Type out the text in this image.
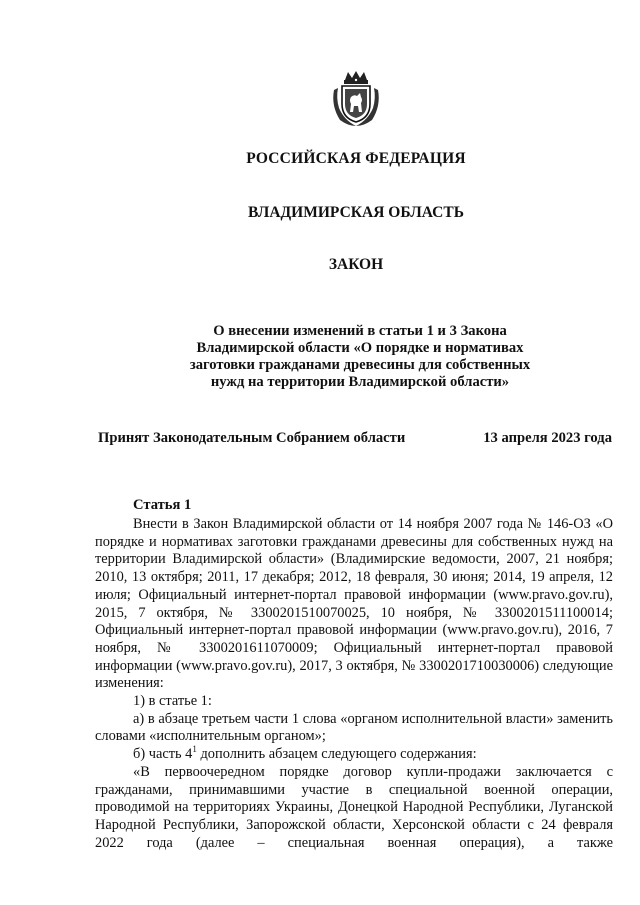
РОССИЙСКАЯ ФЕДЕРАЦИЯ
ВЛАДИМИРСКАЯ ОБЛАСТЬ
ЗАКОН
О внесении изменений в статьи 1 и 3 Закона
Владимирской области «О порядке и нормативах
заготовки гражданами древесины для собственных
нужд на территории Владимирской области»
Принят Законодательным Собранием области	13 апреля 2023 года
Статья 1

Внести в Закон Владимирской области от 14 ноября 2007 года № 146-ОЗ «О порядке и нормативах заготовки гражданами древесины для собственных нужд на территории Владимирской области» (Владимирские ведомости, 2007, 21 ноября; 2010, 13 октября; 2011, 17 декабря; 2012, 18 февраля, 30 июня; 2014, 19 апреля, 12 июля; Официальный интернет-портал правовой информации (www.pravo.gov.ru), 2015, 7 октября, № 3300201510070025, 10 ноября, № 3300201511100014; Официальный интернет-портал правовой информации (www.pravo.gov.ru), 2016, 7 ноября, № 3300201611070009; Официальный интернет-портал правовой информации (www.pravo.gov.ru), 2017, 3 октября, № 3300201710030006) следующие изменения:

1) в статье 1:

а) в абзаце третьем части 1 слова «органом исполнительной власти» заменить словами «исполнительным органом»;

б) часть $4^1$ дополнить абзацем следующего содержания:

«В первоочередном порядке договор купли-продажи заключается с гражданами, принимавшими участие в специальной военной операции, проводимой на территориях Украины, Донецкой Народной Республики, Луганской Народной Республики, Запорожской области, Херсонской области с 24 февраля 2022 года (далее – специальная военная операция), а также
